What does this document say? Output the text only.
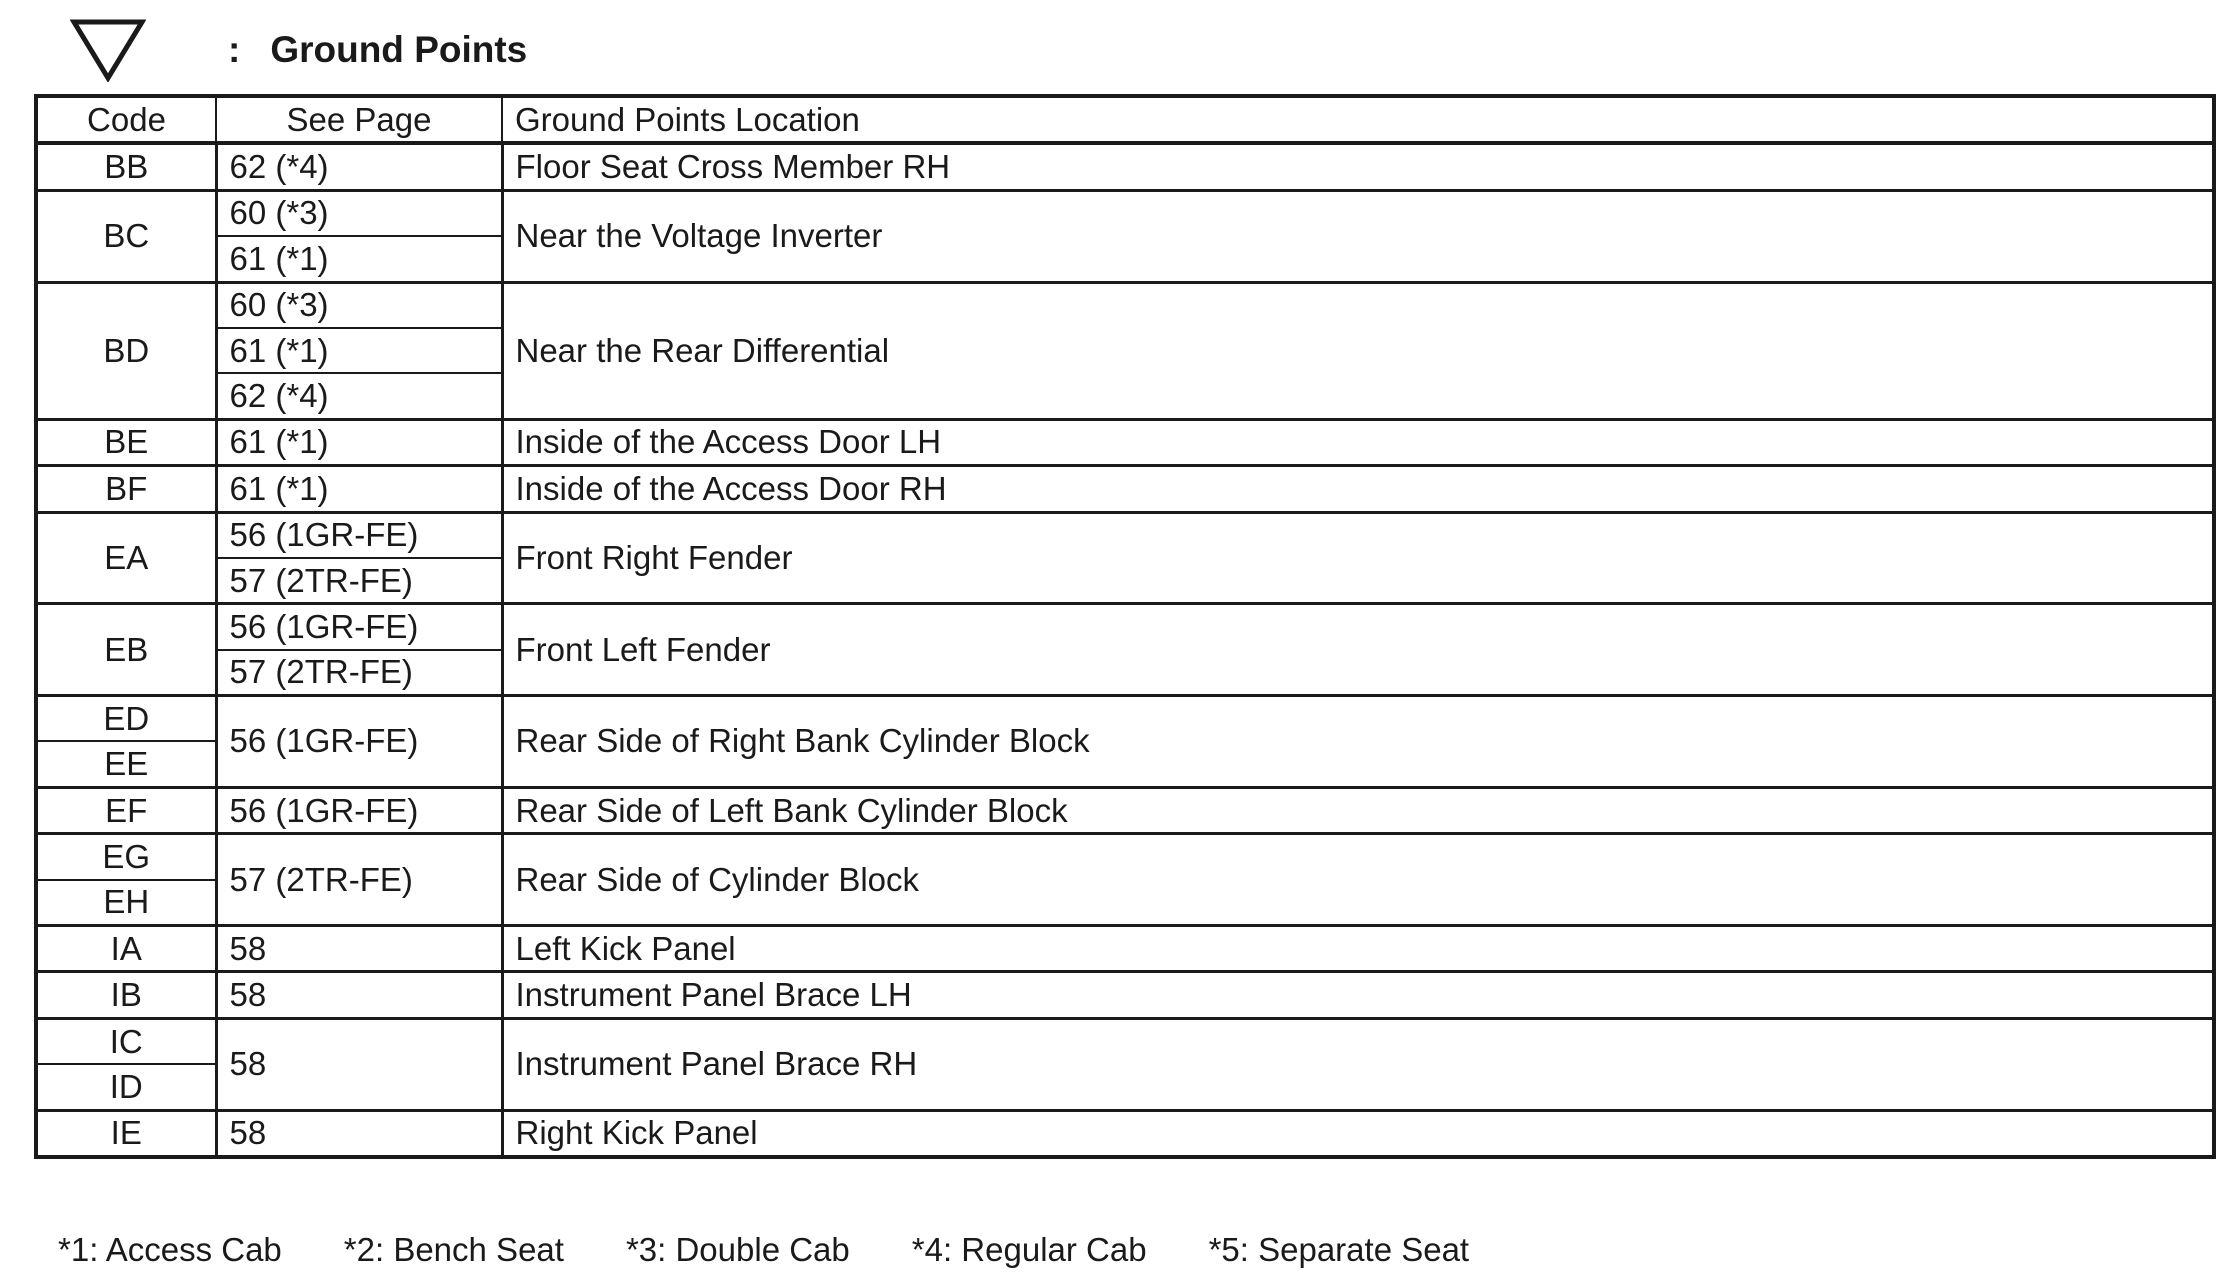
: Ground Points
Code	See Page	Ground Points Location
BB	62 (*4)	Floor Seat Cross Member RH
BC	60 (*3)	Near the Voltage Inverter
	61 (*1)	
BD	60 (*3)	Near the Rear Differential
	61 (*1)	
	62 (*4)	
BE	61 (*1)	Inside of the Access Door LH
BF	61 (*1)	Inside of the Access Door RH
EA	56 (1GR-FE)	Front Right Fender
	57 (2TR-FE)	
EB	56 (1GR-FE)	Front Left Fender
	57 (2TR-FE)	
ED	56 (1GR-FE)	Rear Side of Right Bank Cylinder Block
EE		
EF	56 (1GR-FE)	Rear Side of Left Bank Cylinder Block
EG	57 (2TR-FE)	Rear Side of Cylinder Block
EH		
IA	58	Left Kick Panel
IB	58	Instrument Panel Brace LH
IC	58	Instrument Panel Brace RH
ID		
IE	58	Right Kick Panel
*1: Access Cab *2: Bench Seat *3: Double Cab *4: Regular Cab *5: Separate Seat
